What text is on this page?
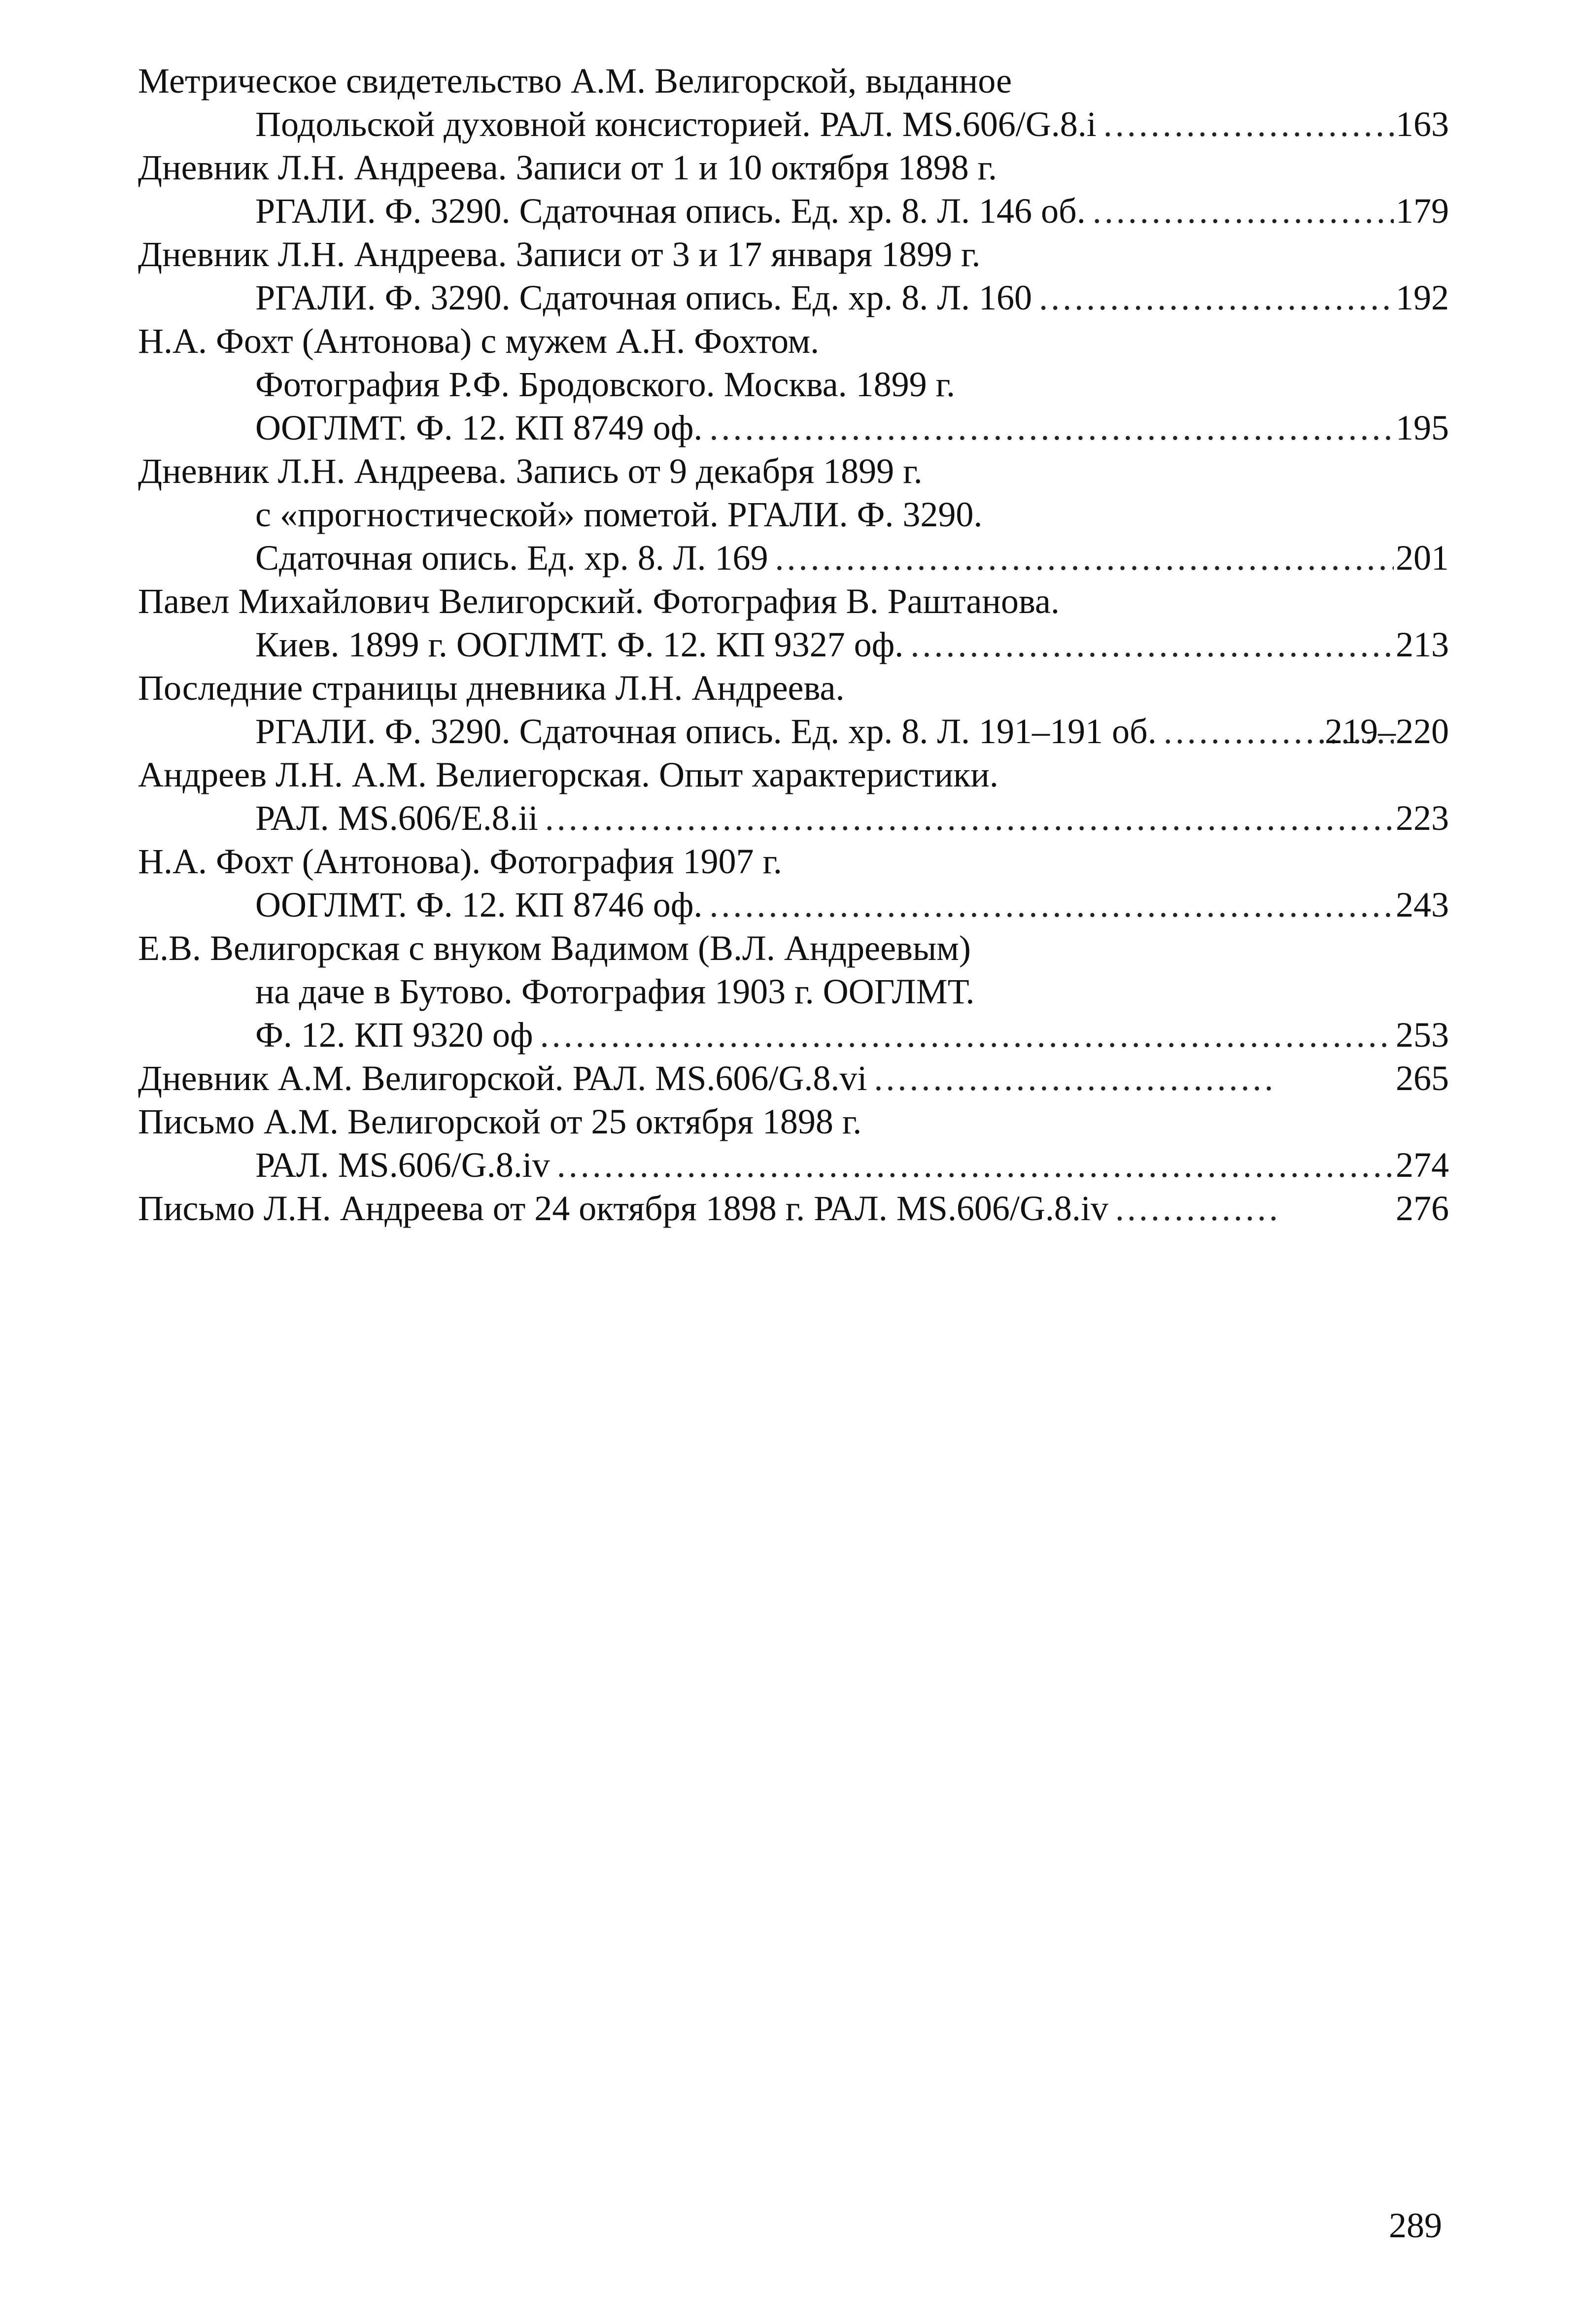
Метрическое свидетельство А.М. Велигорской, выданное
Подольской духовной консисторией. РАЛ. MS.606/G.8.i .....	163
Дневник Л.Н. Андреева. Записи от 1 и 10 октября 1898 г.
РГАЛИ. Ф. 3290. Сдаточная опись. Ед. хр. 8. Л. 146 об. .....	179
Дневник Л.Н. Андреева. Записи от 3 и 17 января 1899 г.
РГАЛИ. Ф. 3290. Сдаточная опись. Ед. хр. 8. Л. 160 .....	192
Н.А. Фохт (Антонова) с мужем А.Н. Фохтом.
Фотография Р.Ф. Бродовского. Москва. 1899 г.
ООГЛМТ. Ф. 12. КП 8749 оф. .....	195
Дневник Л.Н. Андреева. Запись от 9 декабря 1899 г.
с «прогностической» пометой. РГАЛИ. Ф. 3290.
Сдаточная опись. Ед. хр. 8. Л. 169 .....	201
Павел Михайлович Велигорский. Фотография В. Раштанова.
Киев. 1899 г. ООГЛМТ. Ф. 12. КП 9327 оф. .....	213
Последние страницы дневника Л.Н. Андреева.
РГАЛИ. Ф. 3290. Сдаточная опись. Ед. хр. 8. Л. 191–191 об. .....	219–220
Андреев Л.Н. А.М. Велиегорская. Опыт характеристики.
РАЛ. MS.606/E.8.ii .....	223
Н.А. Фохт (Антонова). Фотография 1907 г.
ООГЛМТ. Ф. 12. КП 8746 оф. .....	243
Е.В. Велигорская с внуком Вадимом (В.Л. Андреевым)
на даче в Бутово. Фотография 1903 г. ООГЛМТ.
Ф. 12. КП 9320 оф .....	253
Дневник А.М. Велигорской. РАЛ. MS.606/G.8.vi .....	265
Письмо А.М. Велигорской от 25 октября 1898 г.
РАЛ. MS.606/G.8.iv .....	274
Письмо Л.Н. Андреева от 24 октября 1898 г. РАЛ. MS.606/G.8.iv .....	276
289
